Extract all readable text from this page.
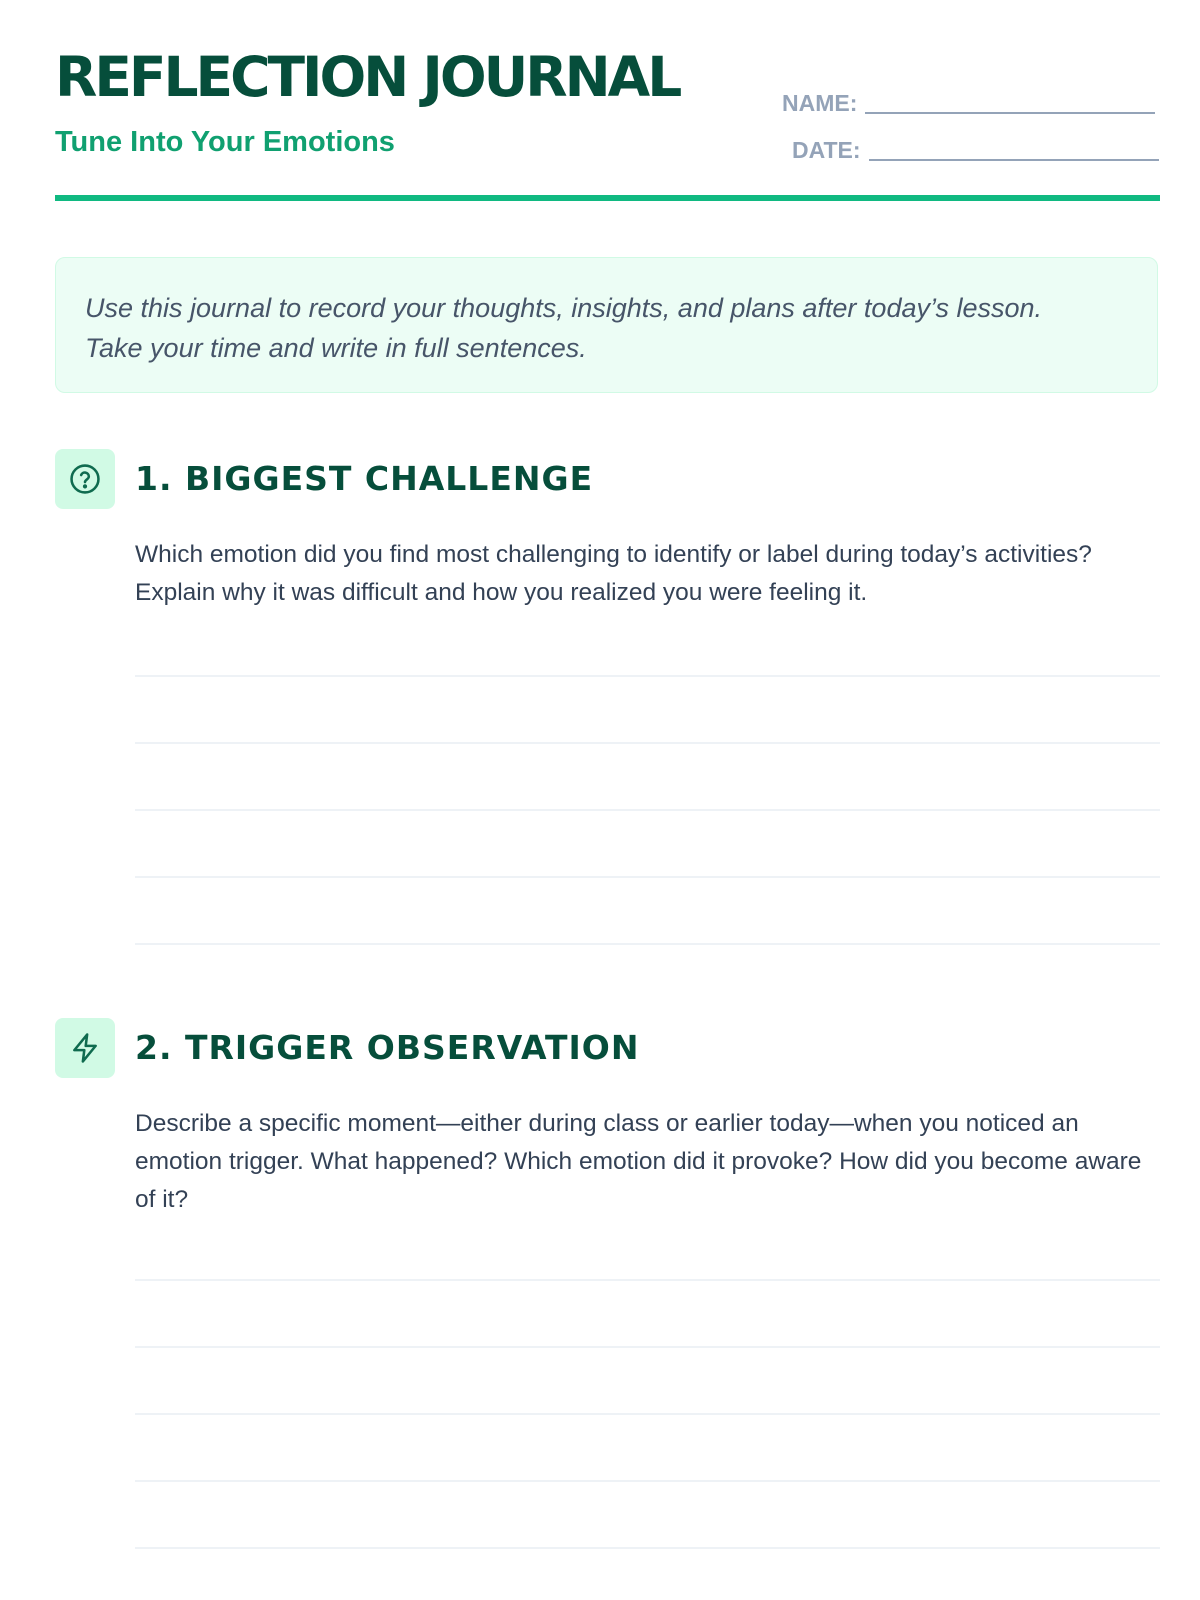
REFLECTION JOURNAL
Tune Into Your Emotions
NAME:
DATE:

Use this journal to record your thoughts, insights, and plans after today’s lesson.

Take your time and write in full sentences.

1. BIGGEST CHALLENGE

Which emotion did you find most challenging to identify or label during today’s activities? Explain why it was difficult and how you realized you were feeling it.

2. TRIGGER OBSERVATION

Describe a specific moment—either during class or earlier today—when you noticed an emotion trigger. What happened? Which emotion did it provoke? How did you become aware of it?
